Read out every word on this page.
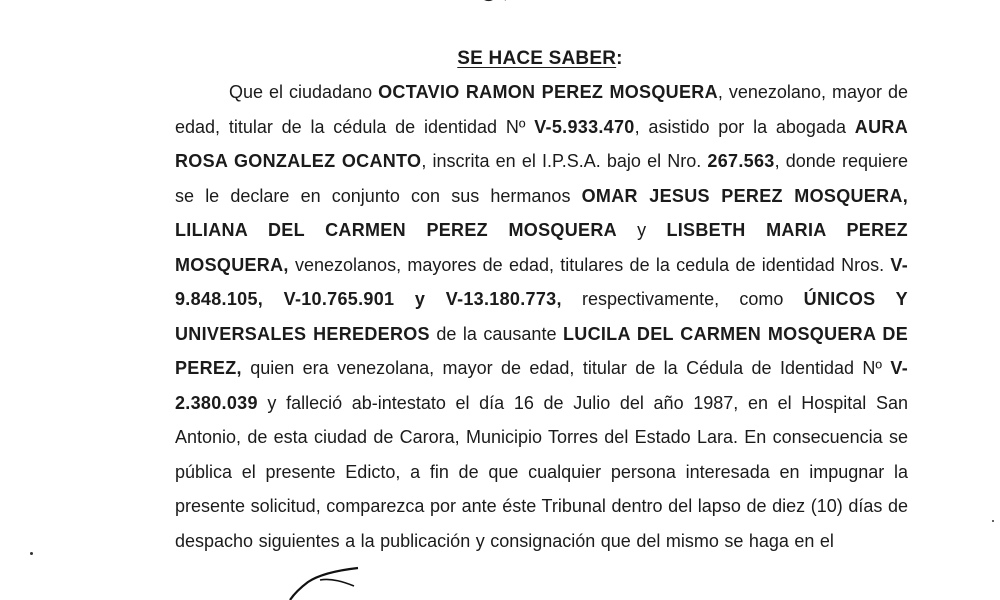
SE HACE SABER:

Que el ciudadano OCTAVIO RAMON PEREZ MOSQUERA, venezolano, mayor de edad, titular de la cédula de identidad Nº V-5.933.470, asistido por la abogada AURA ROSA GONZALEZ OCANTO, inscrita en el I.P.S.A. bajo el Nro. 267.563, donde requiere se le declare en conjunto con sus hermanos OMAR JESUS PEREZ MOSQUERA, LILIANA DEL CARMEN PEREZ MOSQUERA y LISBETH MARIA PEREZ MOSQUERA, venezolanos, mayores de edad, titulares de la cedula de identidad Nros. V-9.848.105, V-10.765.901 y V-13.180.773, respectivamente, como ÚNICOS Y UNIVERSALES HEREDEROS de la causante LUCILA DEL CARMEN MOSQUERA DE PEREZ, quien era venezolana, mayor de edad, titular de la Cédula de Identidad Nº V-2.380.039 y falleció ab-intestato el día 16 de Julio del año 1987, en el Hospital San Antonio, de esta ciudad de Carora, Municipio Torres del Estado Lara. En consecuencia se pública el presente Edicto, a fin de que cualquier persona interesada en impugnar la presente solicitud, comparezca por ante éste Tribunal dentro del lapso de diez (10) días de despacho siguientes a la publicación y consignación que del mismo se haga en el
